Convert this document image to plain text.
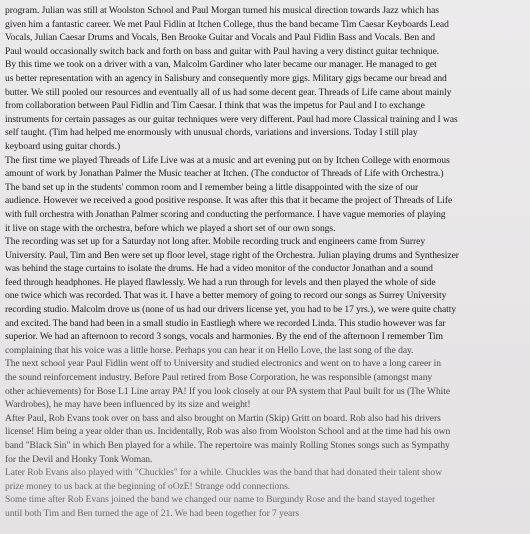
program. Julian was still at Woolston School and Paul Morgan turned his musical direction towards Jazz which has
given him a fantastic career. We met Paul Fidlin at Itchen College, thus the band became Tim Caesar Keyboards Lead
Vocals, Julian Caesar Drums and Vocals, Ben Brooke Guitar and Vocals and Paul Fidlin Bass and Vocals. Ben and
Paul would occasionally switch back and forth on bass and guitar with Paul having a very distinct guitar technique.
By this time we took on a driver with a van, Malcolm Gardiner who later became our manager. He managed to get
us better representation with an agency in Salisbury and consequently more gigs. Military gigs became our bread and
butter. We still pooled our resources and eventually all of us had some decent gear. Threads of Life came about mainly
from collaboration between Paul Fidlin and Tim Caesar. I think that was the impetus for Paul and I to exchange
instruments for certain passages as our guitar techniques were very different. Paul had more Classical training and I was
self taught. (Tim had helped me enormously with unusual chords, variations and inversions. Today I still play
keyboard using guitar chords.)
The first time we played Threads of Life Live was at a music and art evening put on by Itchen College with enormous
amount of work by Jonathan Palmer the Music teacher at Itchen. (The conductor of Threads of Life with Orchestra.)
The band set up in the students' common room and I remember being a little disappointed with the size of our
audience. However we received a good positive response. It was after this that it became the project of Threads of Life
with full orchestra with Jonathan Palmer scoring and conducting the performance. I have vague memories of playing
it live on stage with the orchestra, before which we played a short set of our own songs.
The recording was set up for a Saturday not long after. Mobile recording truck and engineers came from Surrey
University. Paul, Tim and Ben were set up floor level, stage right of the Orchestra. Julian playing drums and Synthesizer
was behind the stage curtains to isolate the drums. He had a video monitor of the conductor Jonathan and a sound
feed through headphones. He played flawlessly. We had a run through for levels and then played the whole of side
one twice which was recorded. That was it. I have a better memory of going to record our songs as Surrey University
recording studio. Malcolm drove us (none of us had our drivers license yet, you had to be 17 yrs.), we were quite chatty
and excited. The band had been in a small studio in Eastliegh where we recorded Linda. This studio however was far
superior. We had an afternoon to record 3 songs, vocals and harmonies. By the end of the afternoon I remember Tim
complaining that his voice was a little horse. Perhaps you can hear it on Hello Love, the last song of the day.
The next school year Paul Fidlin went off to University and studied electronics and went on to have a long career in
the sound reinforcement industry. Before Paul retired from Bose Corporation, he was responsible (amongst many
other achievements) for Bose L1 Line array PA! If you look closely at our PA system that Paul built for us (The White
Wardrobes), he may have been influenced by its size and weight!
After Paul, Rob Evans took over on bass and also brought on Martin (Skip) Gritt on board. Rob also had his drivers
license! Him being a year older than us. Incidentally, Rob was also from Woolston School and at the time had his own
band "Black Sin" in which Ben played for a while. The repertoire was mainly Rolling Stones songs such as Sympathy
for the Devil and Honky Tonk Woman.
Later Rob Evans also played with "Chuckles" for a while. Chuckles was the band that had donated their talent show
prize money to us back at the beginning of oOzE! Strange odd connections.
Some time after Rob Evans joined the band we changed our name to Burgundy Rose and the band stayed together
until both Tim and Ben turned the age of 21. We had been together for 7 years
